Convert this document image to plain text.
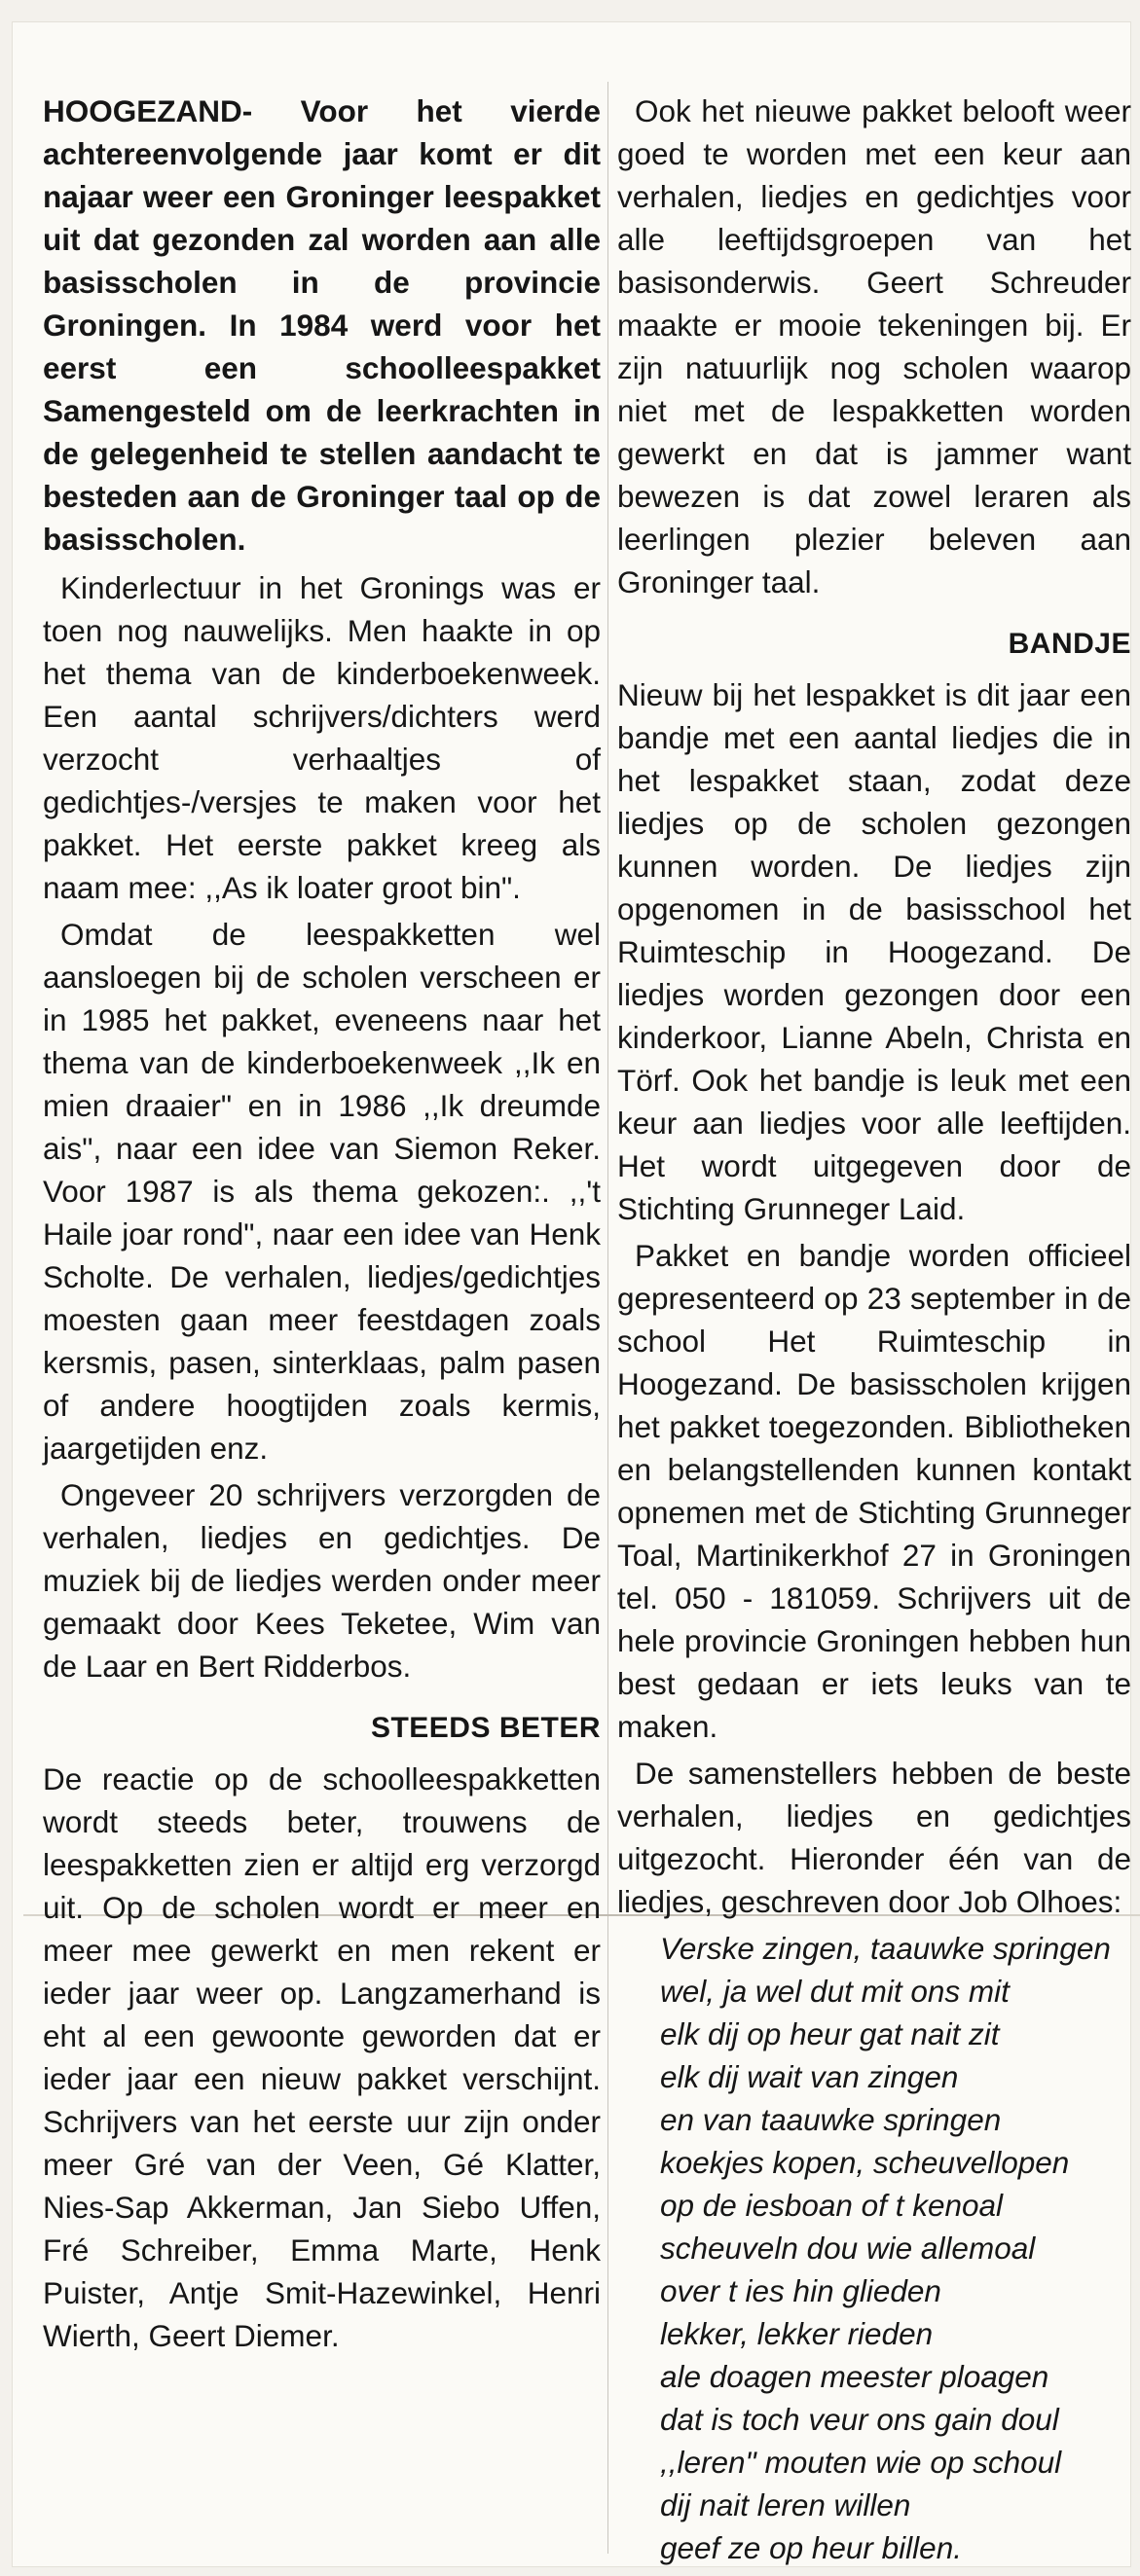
HOOGEZAND- Voor het vierde achtereenvolgende jaar komt er dit najaar weer een Groninger leespakket uit dat gezonden zal worden aan alle basisscholen in de provincie Groningen. In 1984 werd voor het eerst een schoolleespakket Samengesteld om de leerkrachten in de gelegenheid te stellen aandacht te besteden aan de Groninger taal op de basisscholen.

Kinderlectuur in het Gronings was er toen nog nauwelijks. Men haakte in op het thema van de kinderboekenweek. Een aantal schrijvers/dichters werd verzocht verhaaltjes of gedichtjes-/versjes te maken voor het pakket. Het eerste pakket kreeg als naam mee: ,,As ik loater groot bin".

Omdat de leespakketten wel aansloegen bij de scholen verscheen er in 1985 het pakket, eveneens naar het thema van de kinderboekenweek ,,Ik en mien draaier" en in 1986 ,,Ik dreumde ais", naar een idee van Siemon Reker. Voor 1987 is als thema gekozen:. ,,'t Haile joar rond", naar een idee van Henk Scholte. De verhalen, liedjes/gedichtjes moesten gaan meer feestdagen zoals kersmis, pasen, sinterklaas, palm pasen of andere hoogtijden zoals kermis, jaargetijden enz.

Ongeveer 20 schrijvers verzorgden de verhalen, liedjes en gedichtjes. De muziek bij de liedjes werden onder meer gemaakt door Kees Teketee, Wim van de Laar en Bert Ridderbos.

STEEDS BETER

De reactie op de schoolleespakketten wordt steeds beter, trouwens de leespakketten zien er altijd erg verzorgd uit. Op de scholen wordt er meer en meer mee gewerkt en men rekent er ieder jaar weer op. Langzamerhand is eht al een gewoonte geworden dat er ieder jaar een nieuw pakket verschijnt. Schrijvers van het eerste uur zijn onder meer Gré van der Veen, Gé Klatter, Nies-Sap Akkerman, Jan Siebo Uffen, Fré Schreiber, Emma Marte, Henk Puister, Antje Smit-Hazewinkel, Henri Wierth, Geert Diemer.

Ook het nieuwe pakket belooft weer goed te worden met een keur aan verhalen, liedjes en gedichtjes voor alle leeftijdsgroepen van het basisonderwis. Geert Schreuder maakte er mooie tekeningen bij. Er zijn natuurlijk nog scholen waarop niet met de lespakketten worden gewerkt en dat is jammer want bewezen is dat zowel leraren als leerlingen plezier beleven aan Groninger taal.

BANDJE

Nieuw bij het lespakket is dit jaar een bandje met een aantal liedjes die in het lespakket staan, zodat deze liedjes op de scholen gezongen kunnen worden. De liedjes zijn opgenomen in de basisschool het Ruimteschip in Hoogezand. De liedjes worden gezongen door een kinderkoor, Lianne Abeln, Christa en Törf. Ook het bandje is leuk met een keur aan liedjes voor alle leeftijden. Het wordt uitgegeven door de Stichting Grunneger Laid.

Pakket en bandje worden officieel gepresenteerd op 23 september in de school Het Ruimteschip in Hoogezand. De basisscholen krijgen het pakket toegezonden. Bibliotheken en belangstellenden kunnen kontakt opnemen met de Stichting Grunneger Toal, Martinikerkhof 27 in Groningen tel. 050 - 181059. Schrijvers uit de hele provincie Groningen hebben hun best gedaan er iets leuks van te maken.

De samenstellers hebben de beste verhalen, liedjes en gedichtjes uitgezocht. Hieronder één van de liedjes, geschreven door Job Olhoes:

Verske zingen, taauwke springen
wel, ja wel dut mit ons mit
elk dij op heur gat nait zit
elk dij wait van zingen
en van taauwke springen
koekjes kopen, scheuvellopen
op de iesboan of t kenoal
scheuveln dou wie allemoal
over t ies hin glieden
lekker, lekker rieden
ale doagen meester ploagen
dat is toch veur ons gain doul
,,leren" mouten wie op schoul
dij nait leren willen
geef ze op heur billen.
